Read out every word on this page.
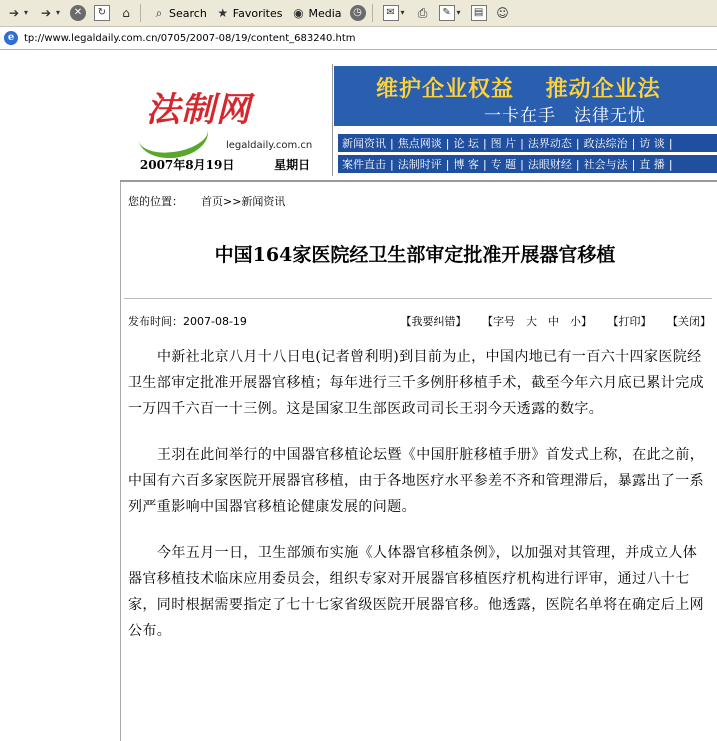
➔ ▾ ➔ ▾	✕	↻	⌂	⌕ Search ★ Favorites ◉ Media	◷	✉ ▾ ⎙	✎ ▾	▤ ☺
e tp://www.legaldaily.com.cn/0705/2007-08/19/content_683240.htm
法制网
legaldaily.com.cn
2007年8月19日	星期日
维护企业权益　 推动企业法
一卡在手　法律无忧
新闻资讯 | 焦点网谈 | 论 坛 | 图 片 | 法界动态 | 政法综治 | 访 谈 |
案件直击 | 法制时评 | 博 客 | 专 题 | 法眼财经 | 社会与法 | 直 播 |
您的位置： 首页>>新闻资讯
中国164家医院经卫生部审定批准开展器官移植
发布时间：2007-08-19	【我要纠错】 【字号　大　中　小】 【打印】 【关闭】

中新社北京八月十八日电(记者曾利明)到目前为止，中国内地已有一百六十四家医院经卫生部审定批准开展器官移植；每年进行三千多例肝移植手术，截至今年六月底已累计完成一万四千六百一十三例。这是国家卫生部医政司司长王羽今天透露的数字。

王羽在此间举行的中国器官移植论坛暨《中国肝脏移植手册》首发式上称，在此之前，中国有六百多家医院开展器官移植，由于各地医疗水平参差不齐和管理滞后，暴露出了一系列严重影响中国器官移植论健康发展的问题。

今年五月一日，卫生部颁布实施《人体器官移植条例》，以加强对其管理，并成立人体器官移植技术临床应用委员会，组织专家对开展器官移植医疗机构进行评审，通过八十七家，同时根据需要指定了七十七家省级医院开展器官移。他透露，医院名单将在确定后上网公布。
